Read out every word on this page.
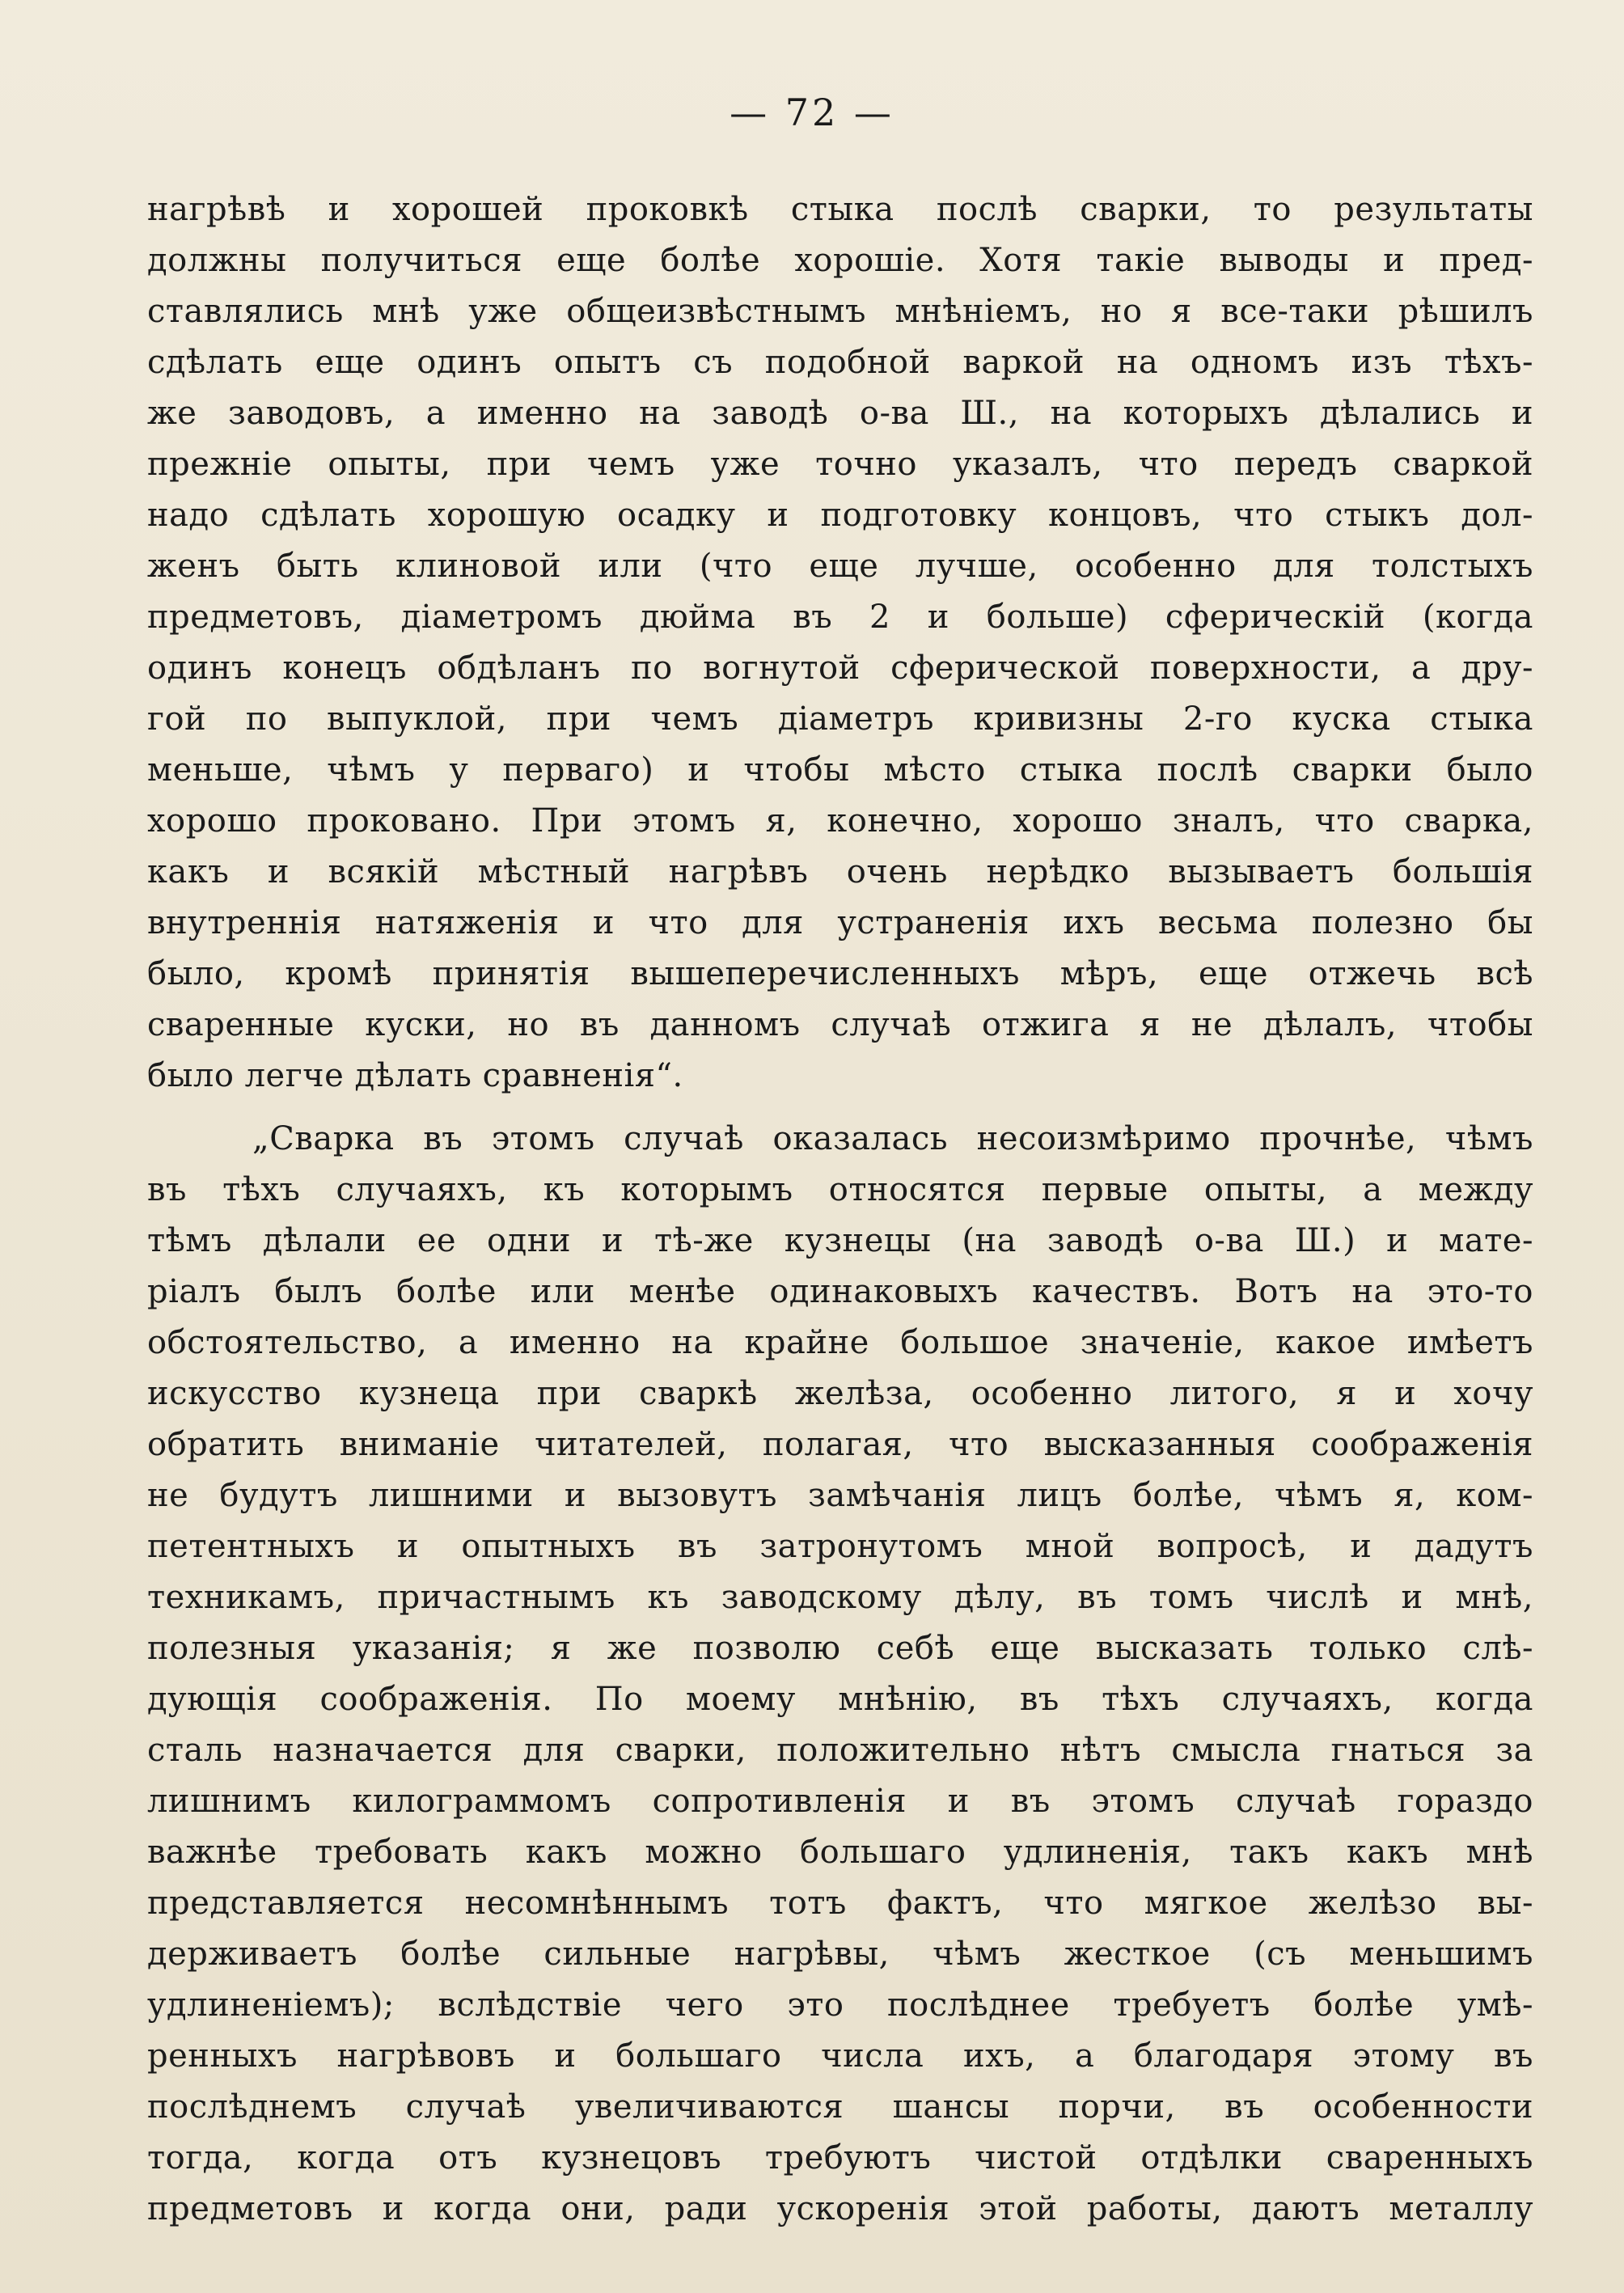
— 72 —
нагрѣвѣ и хорошей проковкѣ стыка послѣ сварки, то результаты
должны получиться еще болѣе хорошіе. Хотя такіе выводы и пред-
ставлялись мнѣ уже общеизвѣстнымъ мнѣніемъ, но я все-таки рѣшилъ
сдѣлать еще одинъ опытъ съ подобной варкой на одномъ изъ тѣхъ-
же заводовъ, а именно на заводѣ о-ва Ш., на которыхъ дѣлались и
прежніе опыты, при чемъ уже точно указалъ, что передъ сваркой
надо сдѣлать хорошую осадку и подготовку концовъ, что стыкъ дол-
женъ быть клиновой или (что еще лучше, особенно для толстыхъ
предметовъ, діаметромъ дюйма въ 2 и больше) сферическій (когда
одинъ конецъ обдѣланъ по вогнутой сферической поверхности, а дру-
гой по выпуклой, при чемъ діаметръ кривизны 2-го куска стыка
меньше, чѣмъ у перваго) и чтобы мѣсто стыка послѣ сварки было
хорошо проковано. При этомъ я, конечно, хорошо зналъ, что сварка,
какъ и всякій мѣстный нагрѣвъ очень нерѣдко вызываетъ большія
внутреннія натяженія и что для устраненія ихъ весьма полезно бы
было, кромѣ принятія вышеперечисленныхъ мѣръ, еще отжечь всѣ
сваренные куски, но въ данномъ случаѣ отжига я не дѣлалъ, чтобы
было легче дѣлать сравненія“.
„Сварка въ этомъ случаѣ оказалась несоизмѣримо прочнѣе, чѣмъ
въ тѣхъ случаяхъ, къ которымъ относятся первые опыты, а между
тѣмъ дѣлали ее одни и тѣ-же кузнецы (на заводѣ о-ва Ш.) и мате-
ріалъ былъ болѣе или менѣе одинаковыхъ качествъ. Вотъ на это-то
обстоятельство, а именно на крайне большое значеніе, какое имѣетъ
искусство кузнеца при сваркѣ желѣза, особенно литого, я и хочу
обратить вниманіе читателей, полагая, что высказанныя соображенія
не будутъ лишними и вызовутъ замѣчанія лицъ болѣе, чѣмъ я, ком-
петентныхъ и опытныхъ въ затронутомъ мной вопросѣ, и дадутъ
техникамъ, причастнымъ къ заводскому дѣлу, въ томъ числѣ и мнѣ,
полезныя указанія; я же позволю себѣ еще высказать только слѣ-
дующія соображенія. По моему мнѣнію, въ тѣхъ случаяхъ, когда
сталь назначается для сварки, положительно нѣтъ смысла гнаться за
лишнимъ килограммомъ сопротивленія и въ этомъ случаѣ гораздо
важнѣе требовать какъ можно большаго удлиненія, такъ какъ мнѣ
представляется несомнѣннымъ тотъ фактъ, что мягкое желѣзо вы-
держиваетъ болѣе сильные нагрѣвы, чѣмъ жесткое (съ меньшимъ
удлиненіемъ); вслѣдствіе чего это послѣднее требуетъ болѣе умѣ-
ренныхъ нагрѣвовъ и большаго числа ихъ, а благодаря этому въ
послѣднемъ случаѣ увеличиваются шансы порчи, въ особенности
тогда, когда отъ кузнецовъ требуютъ чистой отдѣлки сваренныхъ
предметовъ и когда они, ради ускоренія этой работы, даютъ металлу
